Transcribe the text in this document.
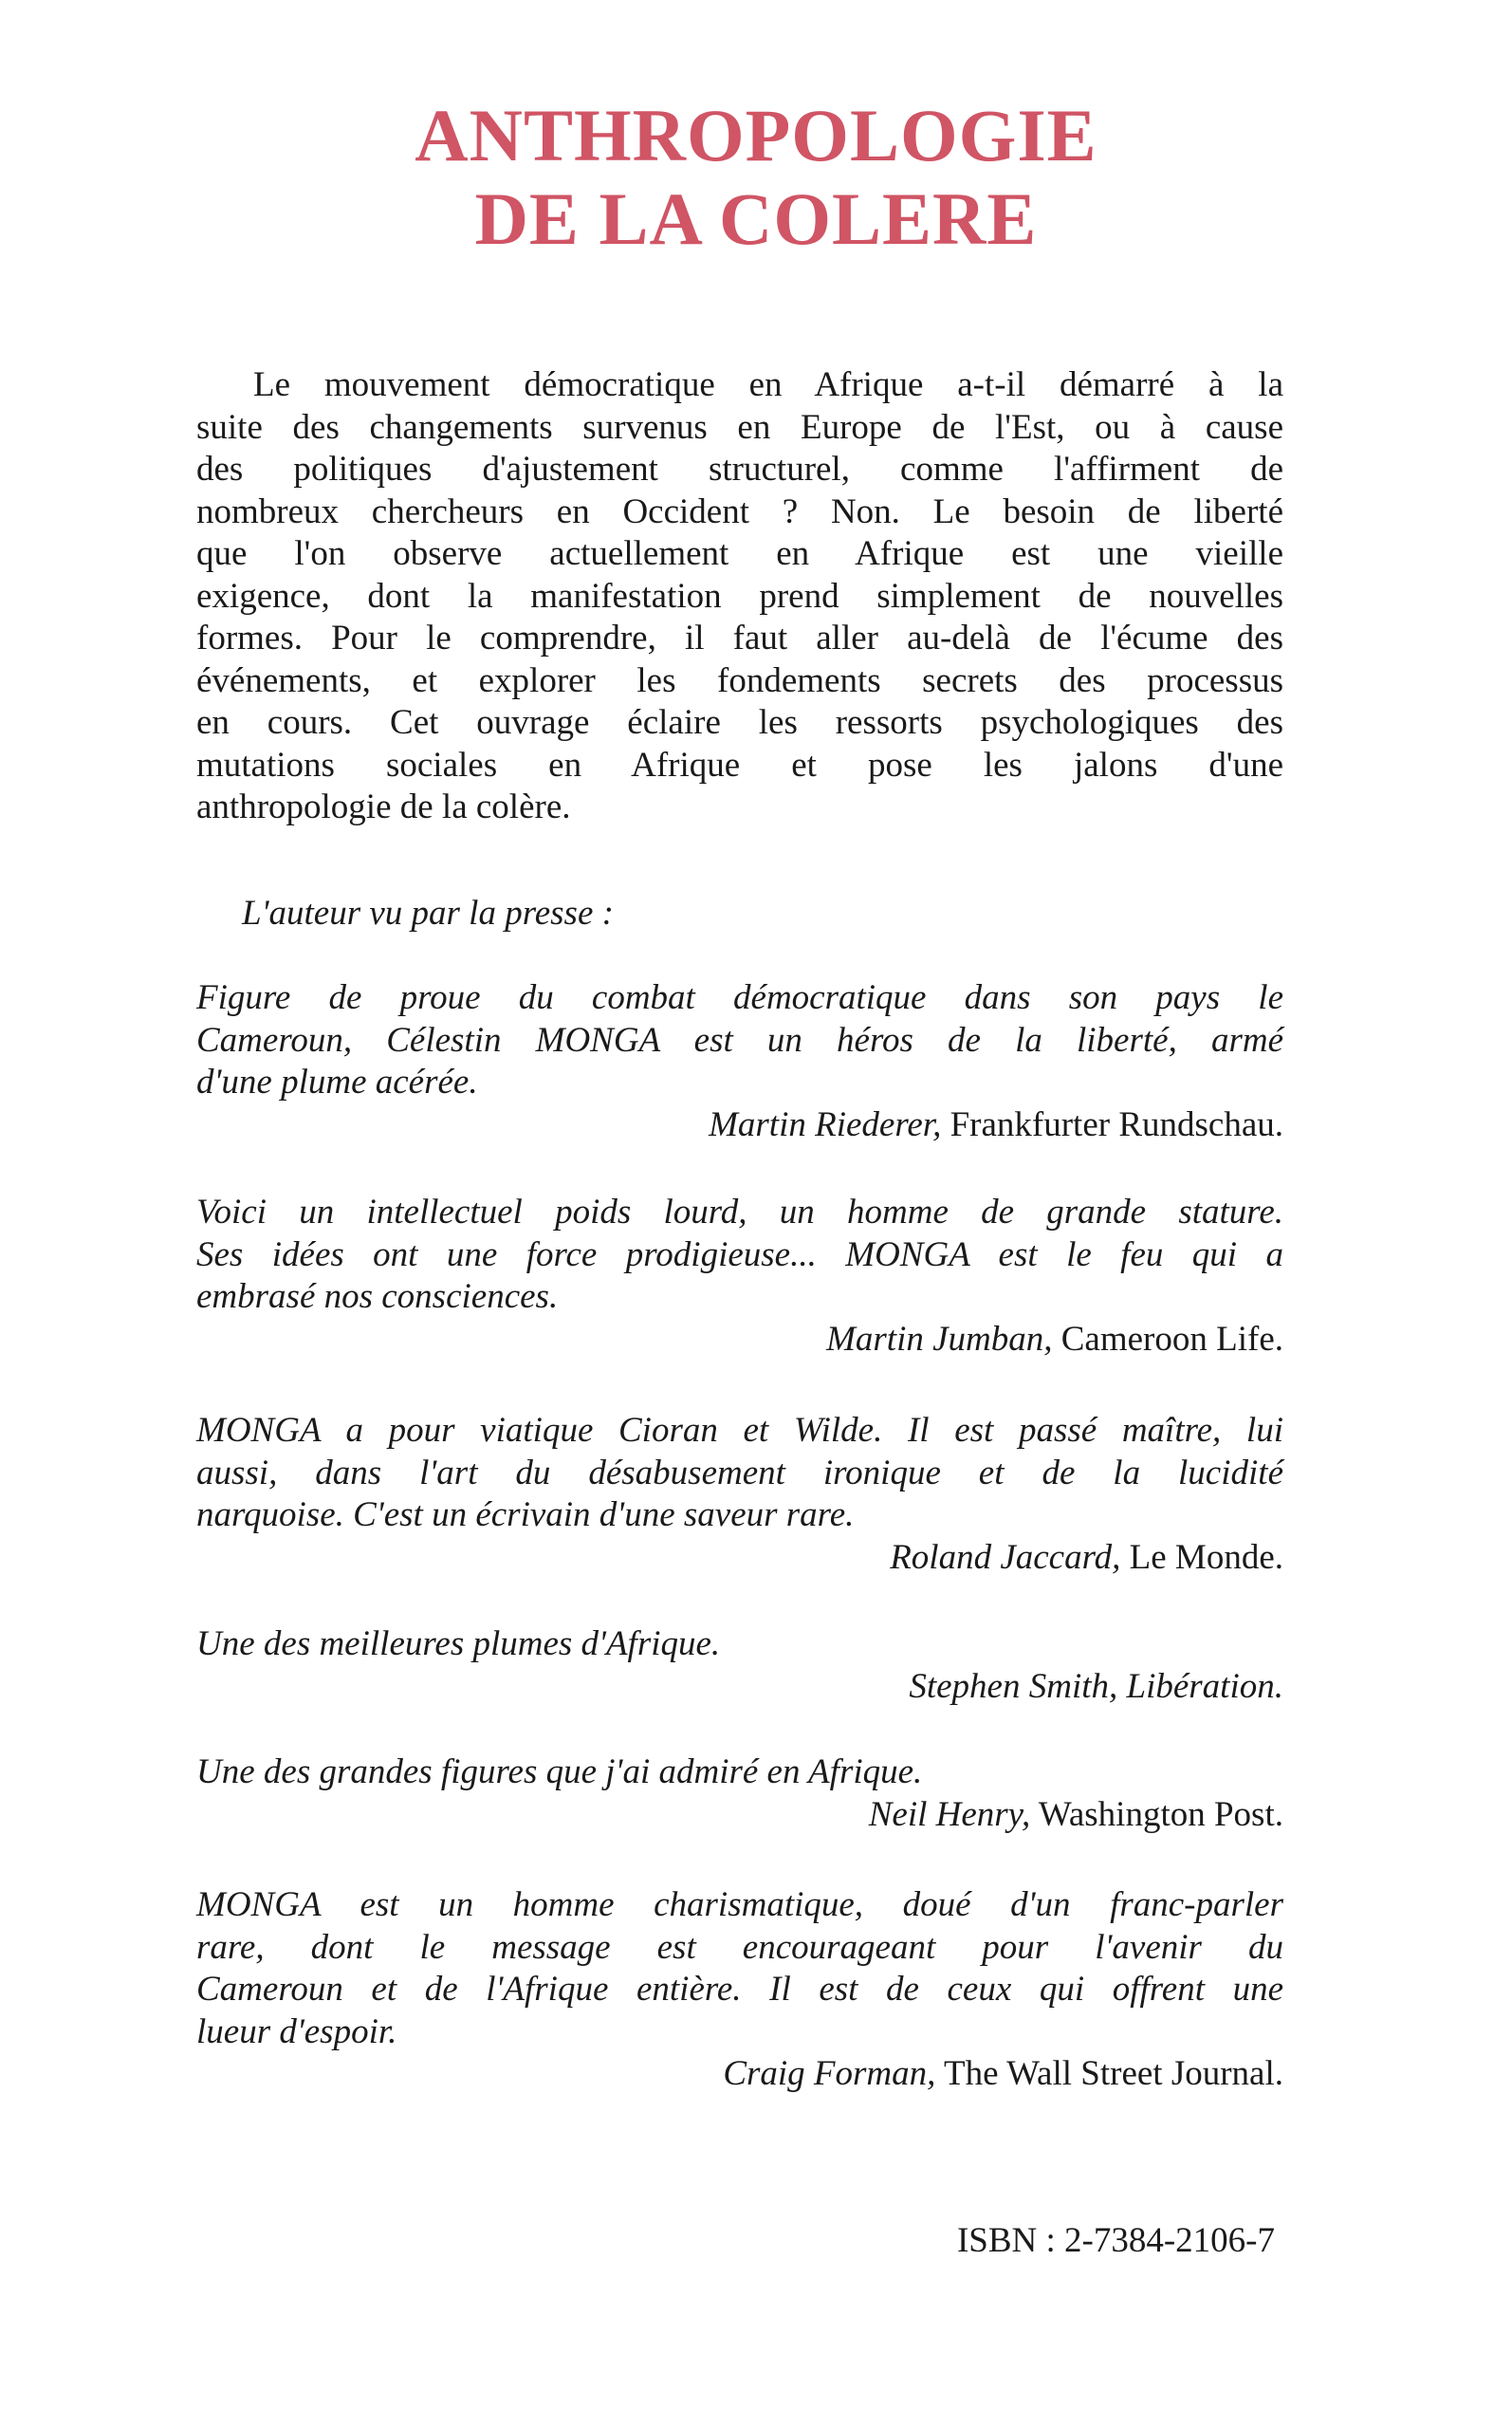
ANTHROPOLOGIE
DE LA COLERE
Le mouvement démocratique en Afrique a-t-il démarré à la
suite des changements survenus en Europe de l'Est, ou à cause
des politiques d'ajustement structurel, comme l'affirment de
nombreux chercheurs en Occident ? Non. Le besoin de liberté
que l'on observe actuellement en Afrique est une vieille
exigence, dont la manifestation prend simplement de nouvelles
formes. Pour le comprendre, il faut aller au-delà de l'écume des
événements, et explorer les fondements secrets des processus
en cours. Cet ouvrage éclaire les ressorts psychologiques des
mutations sociales en Afrique et pose les jalons d'une
anthropologie de la colère.
L'auteur vu par la presse :
Figure de proue du combat démocratique dans son pays le
Cameroun, Célestin MONGA est un héros de la liberté, armé
d'une plume acérée.
Martin Riederer, Frankfurter Rundschau.
Voici un intellectuel poids lourd, un homme de grande stature.
Ses idées ont une force prodigieuse... MONGA est le feu qui a
embrasé nos consciences.
Martin Jumban, Cameroon Life.
MONGA a pour viatique Cioran et Wilde. Il est passé maître, lui
aussi, dans l'art du désabusement ironique et de la lucidité
narquoise. C'est un écrivain d'une saveur rare.
Roland Jaccard, Le Monde.
Une des meilleures plumes d'Afrique.
Stephen Smith, Libération.
Une des grandes figures que j'ai admiré en Afrique.
Neil Henry, Washington Post.
MONGA est un homme charismatique, doué d'un franc-parler
rare, dont le message est encourageant pour l'avenir du
Cameroun et de l'Afrique entière. Il est de ceux qui offrent une
lueur d'espoir.
Craig Forman, The Wall Street Journal.
ISBN : 2-7384-2106-7
